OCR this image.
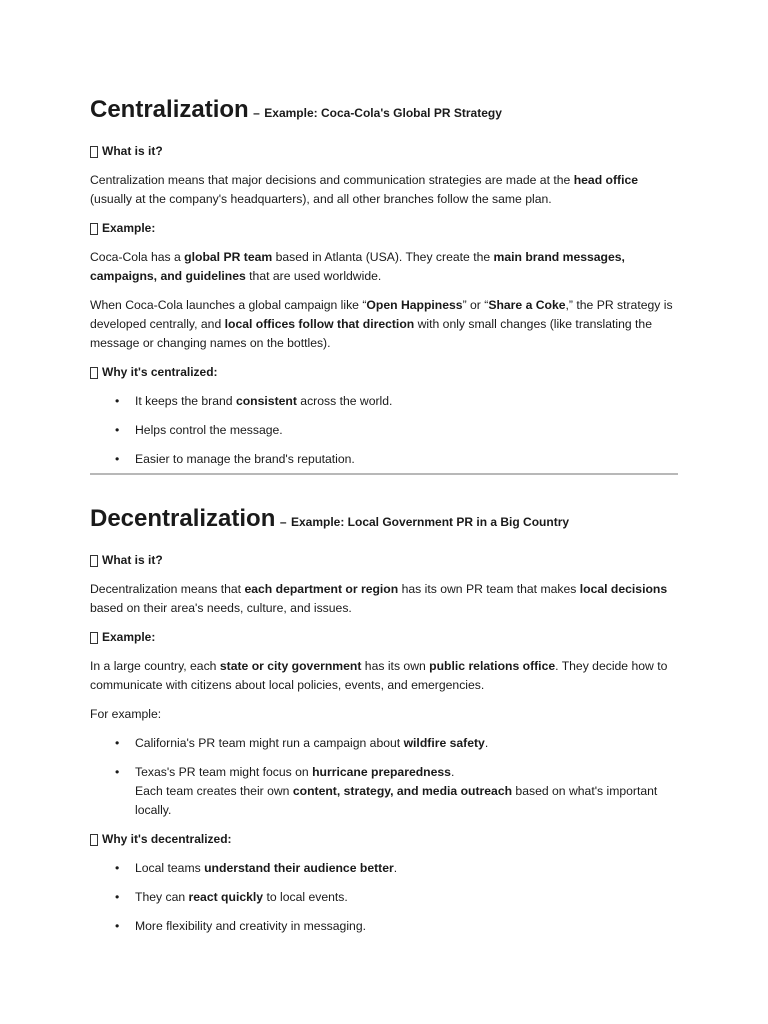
Centralization – Example: Coca-Cola's Global PR Strategy
What is it?

Centralization means that major decisions and communication strategies are made at the head office (usually at the company's headquarters), and all other branches follow the same plan.

Example:

Coca-Cola has a global PR team based in Atlanta (USA). They create the main brand messages, campaigns, and guidelines that are used worldwide.

When Coca-Cola launches a global campaign like “Open Happiness” or “Share a Coke,” the PR strategy is developed centrally, and local offices follow that direction with only small changes (like translating the message or changing names on the bottles).

Why it's centralized:
• It keeps the brand consistent across the world.
• Helps control the message.
• Easier to manage the brand's reputation.
Decentralization – Example: Local Government PR in a Big Country
What is it?

Decentralization means that each department or region has its own PR team that makes local decisions based on their area's needs, culture, and issues.

Example:

In a large country, each state or city government has its own public relations office. They decide how to communicate with citizens about local policies, events, and emergencies.

For example:

• California's PR team might run a campaign about wildfire safety.
• Texas's PR team might focus on hurricane preparedness.
Each team creates their own content, strategy, and media outreach based on what's important locally.
Why it's decentralized:
• Local teams understand their audience better.
• They can react quickly to local events.
• More flexibility and creativity in messaging.
